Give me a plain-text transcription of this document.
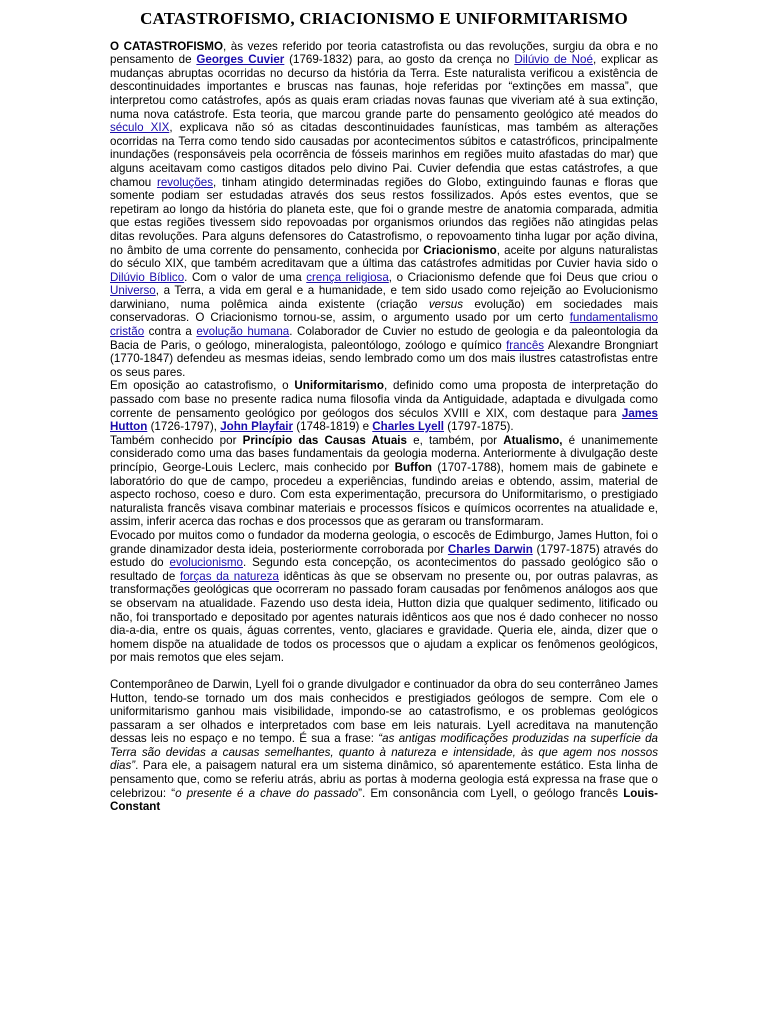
CATASTROFISMO, CRIACIONISMO E UNIFORMITARISMO

O CATASTROFISMO, às vezes referido por teoria catastrofista ou das revoluções, surgiu da obra e no pensamento de Georges Cuvier (1769-1832) para, ao gosto da crença no Dilúvio de Noé, explicar as mudanças abruptas ocorridas no decurso da história da Terra. Este naturalista verificou a existência de descontinuidades importantes e bruscas nas faunas, hoje referidas por “extinções em massa”, que interpretou como catástrofes, após as quais eram criadas novas faunas que viveriam até à sua extinção, numa nova catástrofe. Esta teoria, que marcou grande parte do pensamento geológico até meados do século XIX, explicava não só as citadas descontinuidades faunísticas, mas também as alterações ocorridas na Terra como tendo sido causadas por acontecimentos súbitos e catastróficos, principalmente inundações (responsáveis pela ocorrência de fósseis marinhos em regiões muito afastadas do mar) que alguns aceitavam como castigos ditados pelo divino Pai. Cuvier defendia que estas catástrofes, a que chamou revoluções, tinham atingido determinadas regiões do Globo, extinguindo faunas e floras que somente podiam ser estudadas através dos seus restos fossilizados. Após estes eventos, que se repetiram ao longo da história do planeta este, que foi o grande mestre de anatomia comparada, admitia que estas regiões tivessem sido repovoadas por organismos oriundos das regiões não atingidas pelas ditas revoluções. Para alguns defensores do Catastrofismo, o repovoamento tinha lugar por ação divina, no âmbito de uma corrente do pensamento, conhecida por Criacionismo, aceite por alguns naturalistas do século XIX, que também acreditavam que a última das catástrofes admitidas por Cuvier havia sido o Dilúvio Bíblico. Com o valor de uma crença religiosa, o Criacionismo defende que foi Deus que criou o Universo, a Terra, a vida em geral e a humanidade, e tem sido usado como rejeição ao Evolucionismo darwiniano, numa polêmica ainda existente (criação versus evolução) em sociedades mais conservadoras. O Criacionismo tornou-se, assim, o argumento usado por um certo fundamentalismo cristão contra a evolução humana. Colaborador de Cuvier no estudo de geologia e da paleontologia da Bacia de Paris, o geólogo, mineralogista, paleontólogo, zoólogo e químico francês Alexandre Brongniart (1770-1847) defendeu as mesmas ideias, sendo lembrado como um dos mais ilustres catastrofistas entre os seus pares.

Em oposição ao catastrofismo, o Uniformitarismo, definido como uma proposta de interpretação do passado com base no presente radica numa filosofia vinda da Antiguidade, adaptada e divulgada como corrente de pensamento geológico por geólogos dos séculos XVIII e XIX, com destaque para James Hutton (1726-1797), John Playfair (1748-1819) e Charles Lyell (1797-1875).

Também conhecido por Princípio das Causas Atuais e, também, por Atualismo, é unanimemente considerado como uma das bases fundamentais da geologia moderna. Anteriormente à divulgação deste princípio, George-Louis Leclerc, mais conhecido por Buffon (1707-1788), homem mais de gabinete e laboratório do que de campo, procedeu a experiências, fundindo areias e obtendo, assim, material de aspecto rochoso, coeso e duro. Com esta experimentação, precursora do Uniformitarismo, o prestigiado naturalista francês visava combinar materiais e processos físicos e químicos ocorrentes na atualidade e, assim, inferir acerca das rochas e dos processos que as geraram ou transformaram.

Evocado por muitos como o fundador da moderna geologia, o escocês de Edimburgo, James Hutton, foi o grande dinamizador desta ideia, posteriormente corroborada por Charles Darwin (1797-1875) através do estudo do evolucionismo. Segundo esta concepção, os acontecimentos do passado geológico são o resultado de forças da natureza idênticas às que se observam no presente ou, por outras palavras, as transformações geológicas que ocorreram no passado foram causadas por fenômenos análogos aos que se observam na atualidade. Fazendo uso desta ideia, Hutton dizia que qualquer sedimento, litificado ou não, foi transportado e depositado por agentes naturais idênticos aos que nos é dado conhecer no nosso dia-a-dia, entre os quais, águas correntes, vento, glaciares e gravidade. Queria ele, ainda, dizer que o homem dispõe na atualidade de todos os processos que o ajudam a explicar os fenômenos geológicos, por mais remotos que eles sejam.

Contemporâneo de Darwin, Lyell foi o grande divulgador e continuador da obra do seu conterrâneo James Hutton, tendo-se tornado um dos mais conhecidos e prestigiados geólogos de sempre. Com ele o uniformitarismo ganhou mais visibilidade, impondo-se ao catastrofismo, e os problemas geológicos passaram a ser olhados e interpretados com base em leis naturais. Lyell acreditava na manutenção dessas leis no espaço e no tempo. É sua a frase: “as antigas modificações produzidas na superfície da Terra são devidas a causas semelhantes, quanto à natureza e intensidade, às que agem nos nossos dias”. Para ele, a paisagem natural era um sistema dinâmico, só aparentemente estático. Esta linha de pensamento que, como se referiu atrás, abriu as portas à moderna geologia está expressa na frase que o celebrizou: “o presente é a chave do passado”. Em consonância com Lyell, o geólogo francês Louis-Constant
